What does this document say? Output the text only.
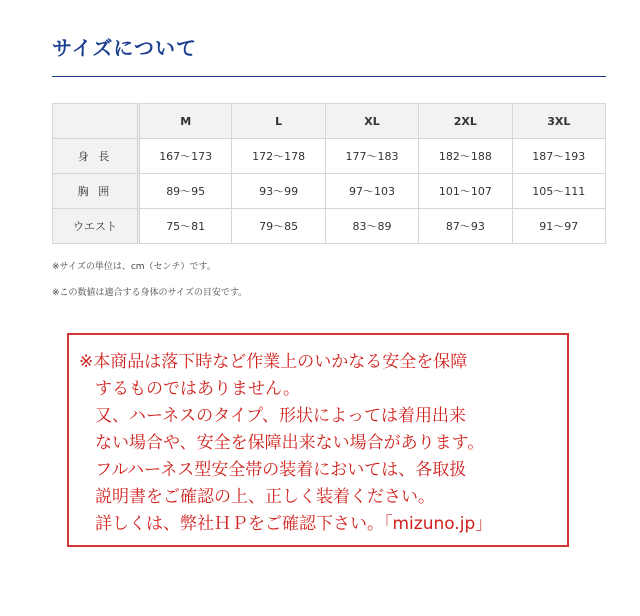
サイズについて
	M	L	XL	2XL	3XL
身 長	167～173	172～178	177～183	182～188	187～193
胸 囲	89～95	93～99	97～103	101～107	105～111
ウエスト	75～81	79～85	83～89	87～93	91～97
※サイズの単位は、cm（センチ）です。
※この数値は適合する身体のサイズの目安です。
※本商品は落下時など作業上のいかなる安全を保障
するものではありません。
又、ハーネスのタイプ、形状によっては着用出来
ない場合や、安全を保障出来ない場合があります。
フルハーネス型安全帯の装着においては、各取扱
説明書をご確認の上、正しく装着ください。
詳しくは、弊社ＨＰをご確認下さい。「mizuno.jp」
